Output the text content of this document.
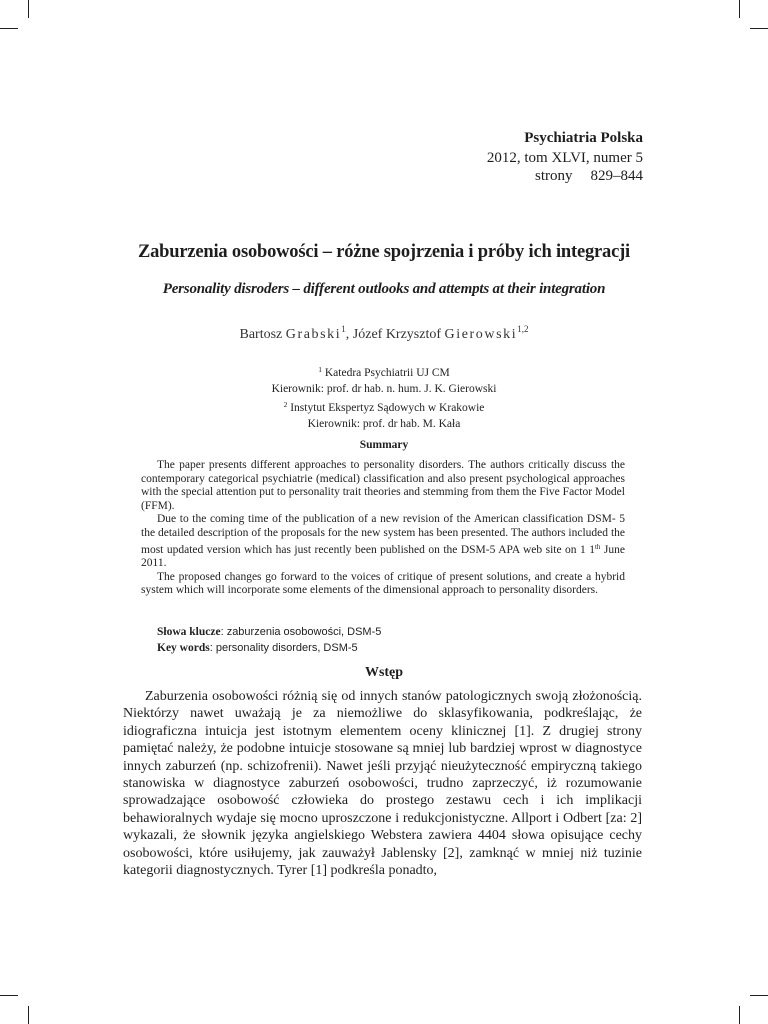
Psychiatria Polska
2012, tom XLVI, numer 5
strony 829–844
Zaburzenia osobowości – różne spojrzenia i próby ich integracji
Personality disroders – different outlooks and attempts at their integration
Bartosz Grabski$^1$, Józef Krzysztof Gierowski$^{1,2}$
$^1$ Katedra Psychiatrii UJ CM
Kierownik: prof. dr hab. n. hum. J. K. Gierowski
$^2$ Instytut Ekspertyz Sądowych w Krakowie
Kierownik: prof. dr hab. M. Kała
Summary

The paper presents different approaches to personality disorders. The authors critically discuss the contemporary categorical psychiatrie (medical) classification and also present psychological approaches with the special attention put to personality trait theories and stemming from them the Five Factor Model (FFM).

Due to the coming time of the publication of a new revision of the American classification DSM- 5 the detailed description of the proposals for the new system has been presented. The authors included the most updated version which has just recently been published on the DSM-5 APA web site on 1 1th June 2011.

The proposed changes go forward to the voices of critique of present solutions, and create a hybrid system which will incorporate some elements of the dimensional approach to personality disorders.

Słowa klucze: zaburzenia osobowości, DSM-5
Key words: personality disorders, DSM-5
Wstęp

Zaburzenia osobowości różnią się od innych stanów patologicznych swoją złożonością. Niektórzy nawet uważają je za niemożliwe do sklasyfikowania, podkreślając, że idiograficzna intuicja jest istotnym elementem oceny klinicznej [1]. Z drugiej strony pamiętać należy, że podobne intuicje stosowane są mniej lub bardziej wprost w diagnostyce innych zaburzeń (np. schizofrenii). Nawet jeśli przyjąć nieużyteczność empiryczną takiego stanowiska w diagnostyce zaburzeń osobowości, trudno zaprzeczyć, iż rozumowanie sprowadzające osobowość człowieka do prostego zestawu cech i ich implikacji behawioralnych wydaje się mocno uproszczone i redukcjonistyczne. Allport i Odbert [za: 2] wykazali, że słownik języka angielskiego Webstera zawiera 4404 słowa opisujące cechy osobowości, które usiłujemy, jak zauważył Jablensky [2], zamknąć w mniej niż tuzinie kategorii diagnostycznych. Tyrer [1] podkreśla ponadto,
